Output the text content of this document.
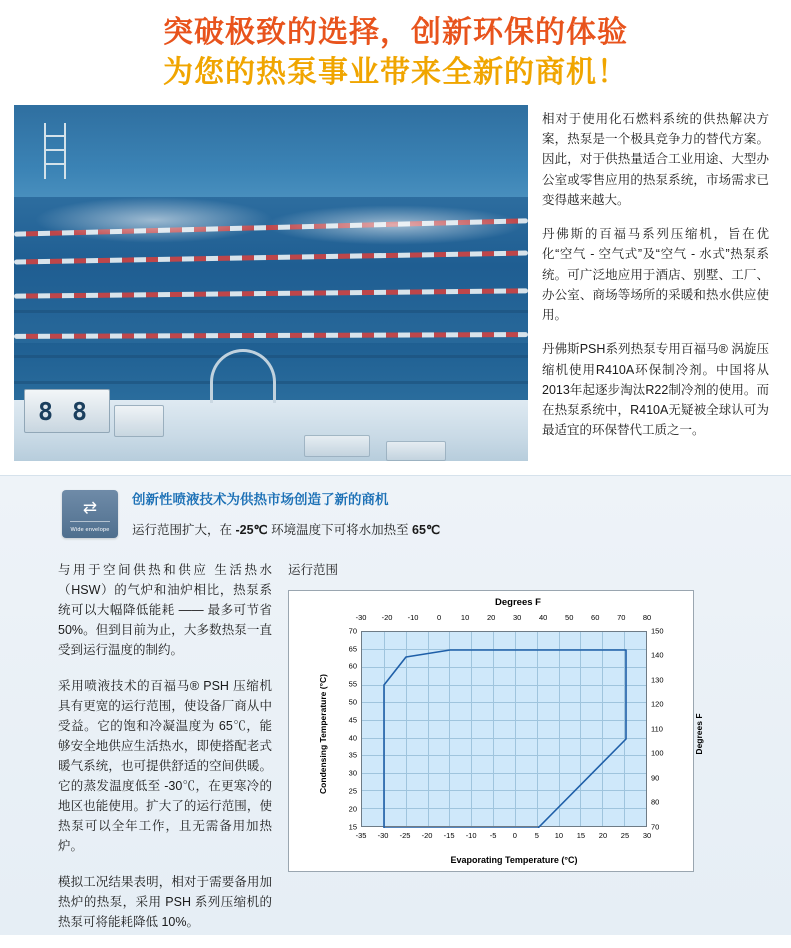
突破极致的选择，创新环保的体验
为您的热泵事业带来全新的商机！
8 8

相对于使用化石燃料系统的供热解决方案，热泵是一个极具竞争力的替代方案。 因此，对于供热量适合工业用途、大型办公室或零售应用的热泵系统，市场需求已变得越来越大。

丹佛斯的百福马系列压缩机，旨在优化“空气 - 空气式”及“空气 - 水式”热泵系统。可广泛地应用于酒店、别墅、工厂、办公室、商场等场所的采暖和热水供应使用。

丹佛斯PSH系列热泵专用百福马® 涡旋压缩机使用R410A环保制冷剂。中国将从2013年起逐步淘汰R22制冷剂的使用。而在热泵系统中，R410A无疑被全球认可为最适宜的环保替代工质之一。

⇄
Wide envelope
创新性喷液技术为供热市场创造了新的商机
运行范围扩大，在 -25℃ 环境温度下可将水加热至 65℃

与用于空间供热和供应 生活热水（HSW）的气炉和油炉相比，热泵系统可以大幅降低能耗 —— 最多可节省50%。但到目前为止，大多数热泵一直受到运行温度的制约。

采用喷液技术的百福马® PSH 压缩机具有更宽的运行范围，使设备厂商从中受益。它的饱和冷凝温度为 65℃，能够安全地供应生活热水，即使搭配老式暖气系统，也可提供舒适的空间供暖。它的蒸发温度低至 -30℃，在更寒冷的地区也能使用。扩大了的运行范围，使热泵可以全年工作，且无需备用加热炉。

模拟工况结果表明，相对于需要备用加热炉的热泵，采用 PSH 系列压缩机的热泵可将能耗降低 10%。

运行范围
Degrees F
-30 -20 -10 0	10 20 30 40 50 60 70 80
15
20
25
30
35
40
45
50
55
60
65
70
70
80
90
100
110
120
130
140
150
Condensing Temperature (°C)	Degrees F
-35 -30 -25 -20 -15 -10 -5 0 5 10 15 20 25 30
Evaporating Temperature (°C)
